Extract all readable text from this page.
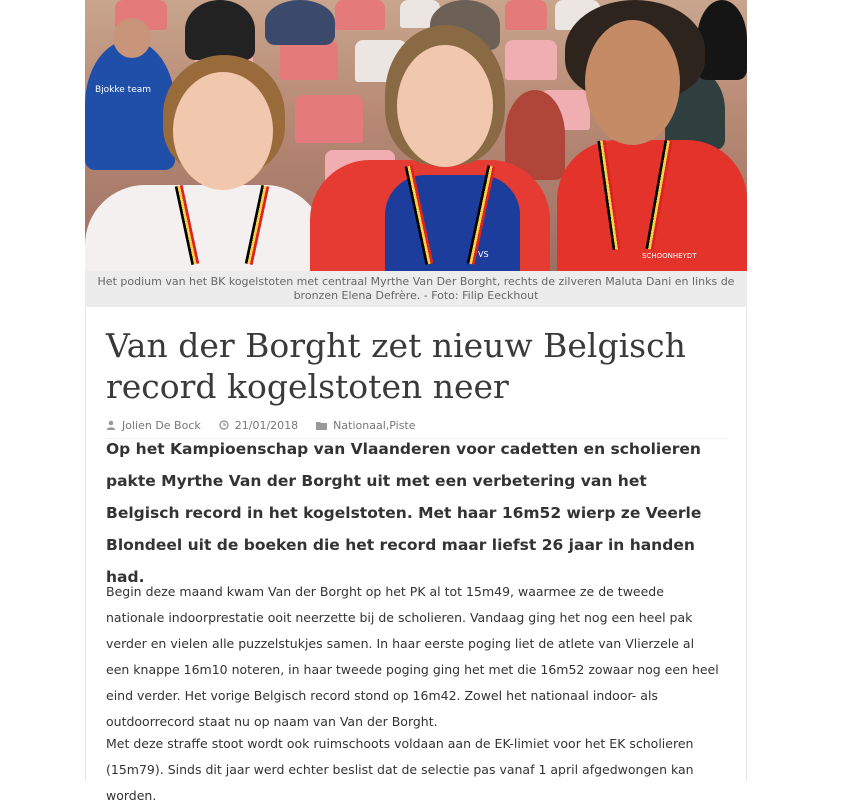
Bjokke team
VS	SCHOONHEYDT
Het podium van het BK kogelstoten met centraal Myrthe Van Der Borght, rechts de zilveren Maluta Dani en links de bronzen Elena Defrère. - Foto: Filip Eeckhout
Van der Borght zet nieuw Belgisch record kogelstoten neer
Jolien De Bock	21/01/2018	Nationaal , Piste

Op het Kampioenschap van Vlaanderen voor cadetten en scholieren pakte Myrthe Van der Borght uit met een verbetering van het Belgisch record in het kogelstoten. Met haar 16m52 wierp ze Veerle Blondeel uit de boeken die het record maar liefst 26 jaar in handen had.

Begin deze maand kwam Van der Borght op het PK al tot 15m49, waarmee ze de tweede nationale indoorprestatie ooit neerzette bij de scholieren. Vandaag ging het nog een heel pak verder en vielen alle puzzelstukjes samen. In haar eerste poging liet de atlete van Vlierzele al een knappe 16m10 noteren, in haar tweede poging ging het met die 16m52 zowaar nog een heel eind verder. Het vorige Belgisch record stond op 16m42. Zowel het nationaal indoor- als outdoorrecord staat nu op naam van Van der Borght.

Met deze straffe stoot wordt ook ruimschoots voldaan aan de EK-limiet voor het EK scholieren (15m79). Sinds dit jaar werd echter beslist dat de selectie pas vanaf 1 april afgedwongen kan worden.
